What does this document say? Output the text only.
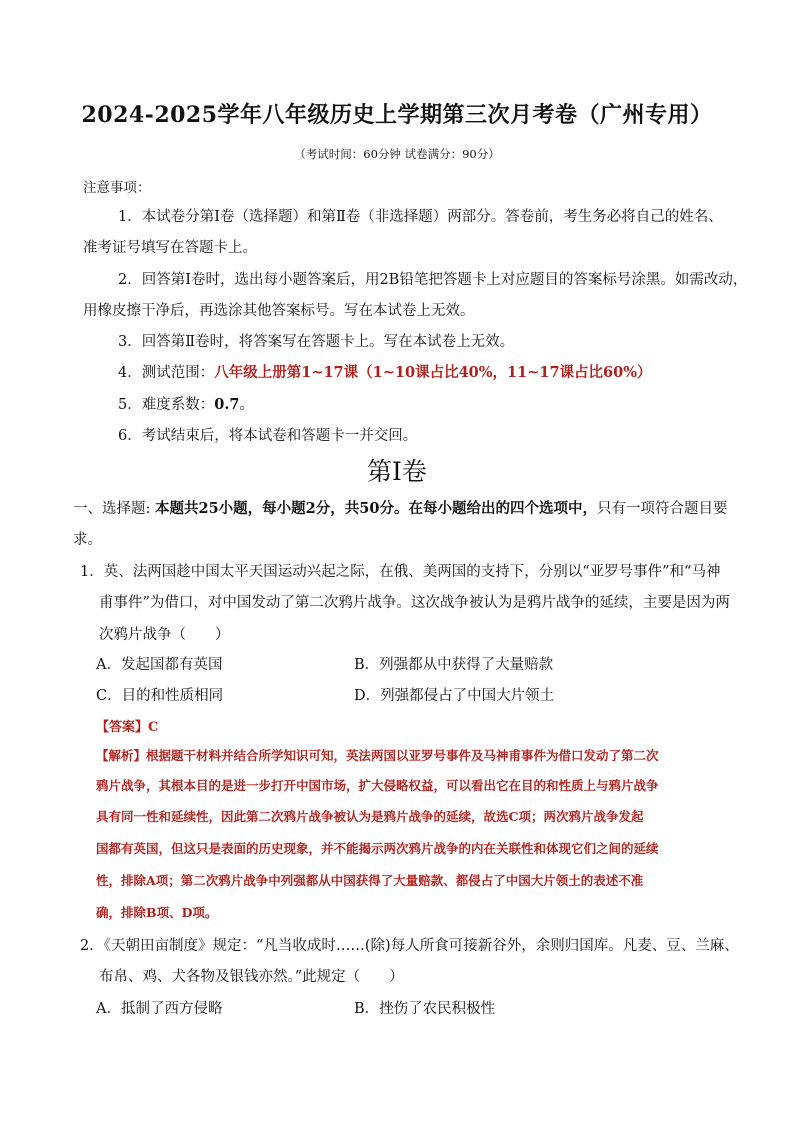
2024-2025学年八年级历史上学期第三次月考卷（广州专用）
（考试时间：60分钟 试卷满分：90分）
注意事项：
1．本试卷分第Ⅰ卷（选择题）和第Ⅱ卷（非选择题）两部分。答卷前，考生务必将自己的姓名、
准考证号填写在答题卡上。
2．回答第Ⅰ卷时，选出每小题答案后，用2B铅笔把答题卡上对应题目的答案标号涂黑。如需改动，
用橡皮擦干净后，再选涂其他答案标号。写在本试卷上无效。
3．回答第Ⅱ卷时，将答案写在答题卡上。写在本试卷上无效。
4．测试范围：八年级上册第1~17课（1~10课占比40%，11~17课占比60%）
5．难度系数：0.7。
6．考试结束后，将本试卷和答题卡一并交回。
第Ⅰ卷
一、选择题: 本题共25小题，每小题2分，共50分。在每小题给出的四个选项中，只有一项符合题目要
求。
1．英、法两国趁中国太平天国运动兴起之际，在俄、美两国的支持下，分别以“亚罗号事件”和“马神
甫事件”为借口，对中国发动了第二次鸦片战争。这次战争被认为是鸦片战争的延续，主要是因为两
次鸦片战争（　　）
A．发起国都有英国	B．列强都从中获得了大量赔款
C．目的和性质相同	D．列强都侵占了中国大片领土
【答案】C
【解析】根据题干材料并结合所学知识可知，英法两国以亚罗号事件及马神甫事件为借口发动了第二次
鸦片战争，其根本目的是进一步打开中国市场，扩大侵略权益，可以看出它在目的和性质上与鸦片战争
具有同一性和延续性，因此第二次鸦片战争被认为是鸦片战争的延续，故选C项；两次鸦片战争发起
国都有英国，但这只是表面的历史现象，并不能揭示两次鸦片战争的内在关联性和体现它们之间的延续
性，排除A项；第二次鸦片战争中列强都从中国获得了大量赔款、都侵占了中国大片领土的表述不准
确，排除B项、D项。
2．《天朝田亩制度》规定：“凡当收成时……(除)每人所食可接新谷外，余则归国库。凡麦、豆、兰麻、
布帛、鸡、犬各物及银钱亦然。”此规定（　　）
A．抵制了西方侵略	B．挫伤了农民积极性
